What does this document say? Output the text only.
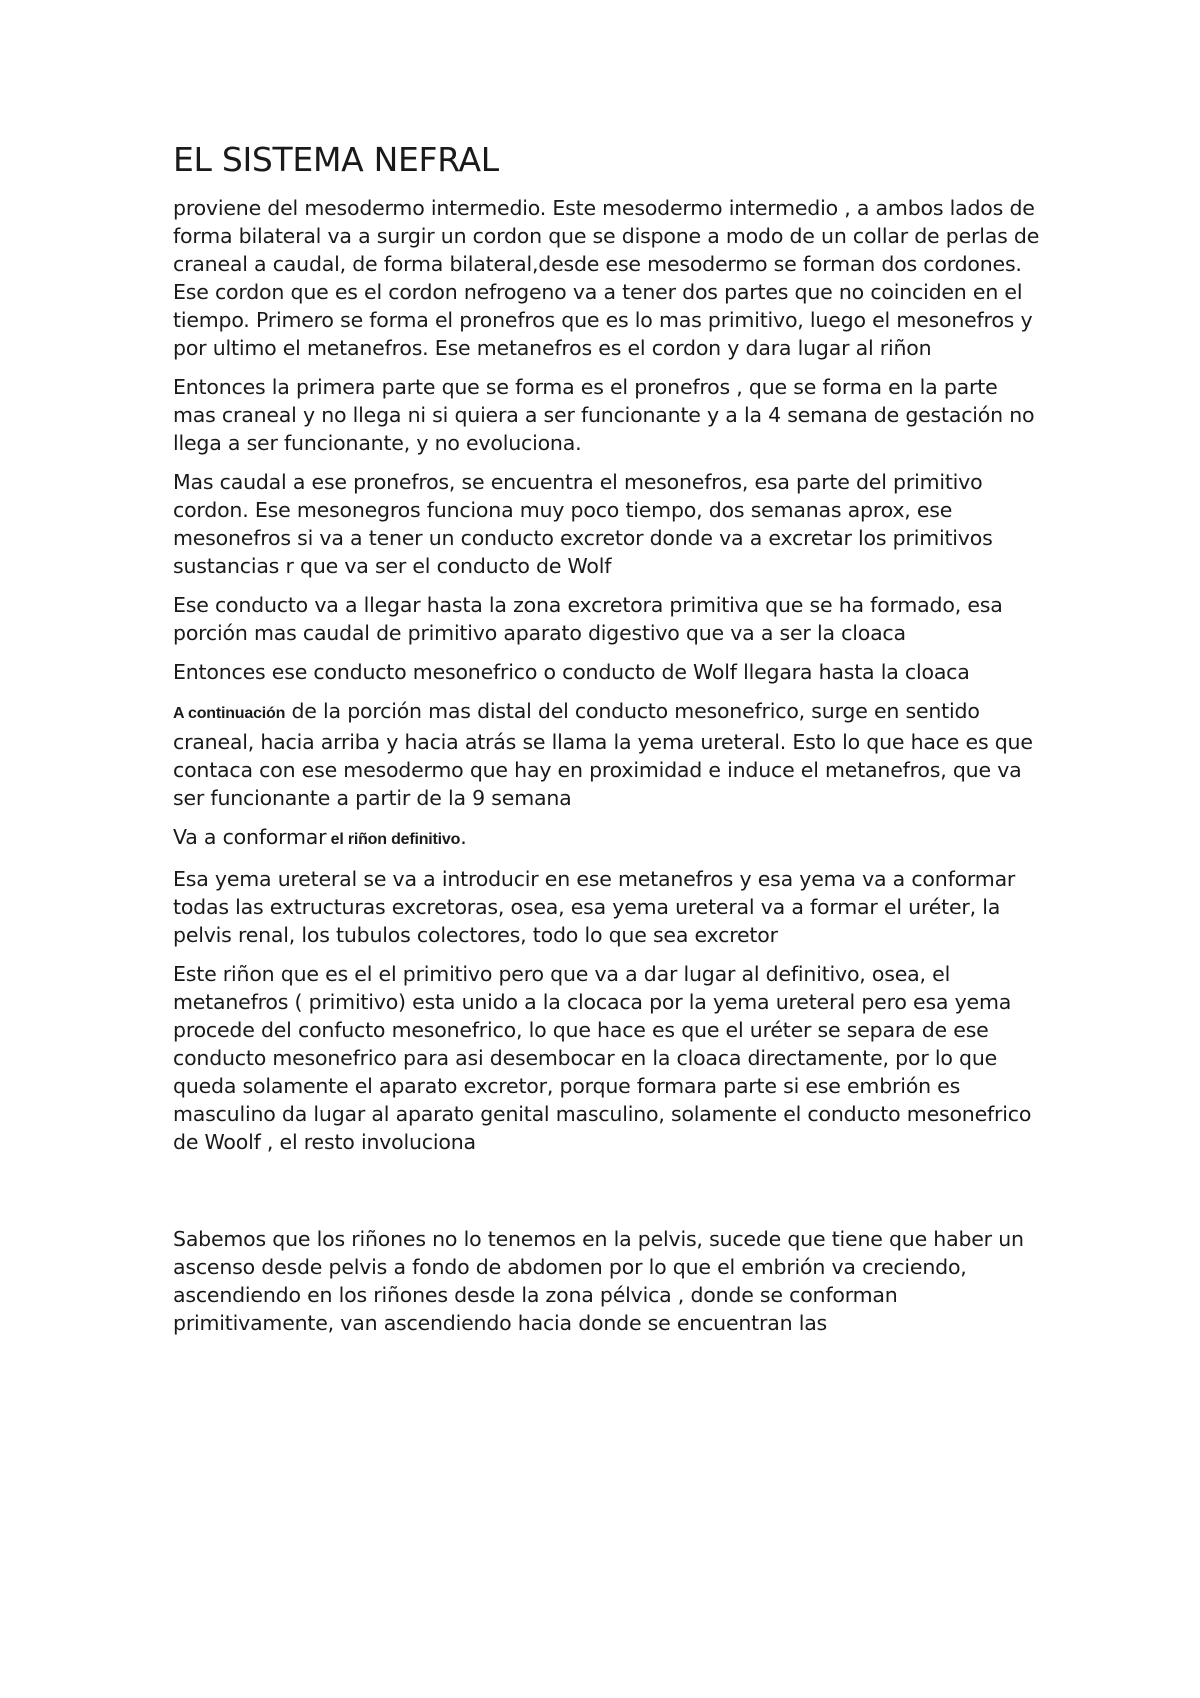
EL SISTEMA NEFRAL

proviene del mesodermo intermedio. Este mesodermo intermedio , a ambos lados de forma bilateral va a surgir un cordon que se dispone a modo de un collar de perlas de craneal a caudal, de forma bilateral,desde ese mesodermo se forman dos cordones. Ese cordon que es el cordon nefrogeno va a tener dos partes que no coinciden en el tiempo. Primero se forma el pronefros que es lo mas primitivo, luego el mesonefros y por ultimo el metanefros. Ese metanefros es el cordon y dara lugar al riñon

Entonces la primera parte que se forma es el pronefros , que se forma en la parte mas craneal y no llega ni si quiera a ser funcionante y a la 4 semana de gestación no llega a ser funcionante, y no evoluciona.

Mas caudal a ese pronefros, se encuentra el mesonefros, esa parte del primitivo cordon. Ese mesonegros funciona muy poco tiempo, dos semanas aprox, ese mesonefros si va a tener un conducto excretor donde va a excretar los primitivos sustancias r que va ser el conducto de Wolf

Ese conducto va a llegar hasta la zona excretora primitiva que se ha formado, esa porción mas caudal de primitivo aparato digestivo que va a ser la cloaca

Entonces ese conducto mesonefrico o conducto de Wolf llegara hasta la cloaca

A continuación de la porción mas distal del conducto mesonefrico, surge en sentido craneal, hacia arriba y hacia atrás se llama la yema ureteral. Esto lo que hace es que contaca con ese mesodermo que hay en proximidad e induce el metanefros, que va ser funcionante a partir de la 9 semana

Va a conformar el riñon definitivo.

Esa yema ureteral se va a introducir en ese metanefros y esa yema va a conformar todas las extructuras excretoras, osea, esa yema ureteral va a formar el uréter, la pelvis renal, los tubulos colectores, todo lo que sea excretor

Este riñon que es el el primitivo pero que va a dar lugar al definitivo, osea, el metanefros ( primitivo) esta unido a la clocaca por la yema ureteral pero esa yema procede del confucto mesonefrico, lo que hace es que el uréter se separa de ese conducto mesonefrico para asi desembocar en la cloaca directamente, por lo que queda solamente el aparato excretor, porque formara parte si ese embrión es masculino da lugar al aparato genital masculino, solamente el conducto mesonefrico de Woolf , el resto involuciona

Sabemos que los riñones no lo tenemos en la pelvis, sucede que tiene que haber un ascenso desde pelvis a fondo de abdomen por lo que el embrión va creciendo, ascendiendo en los riñones desde la zona pélvica , donde se conforman primitivamente, van ascendiendo hacia donde se encuentran las
